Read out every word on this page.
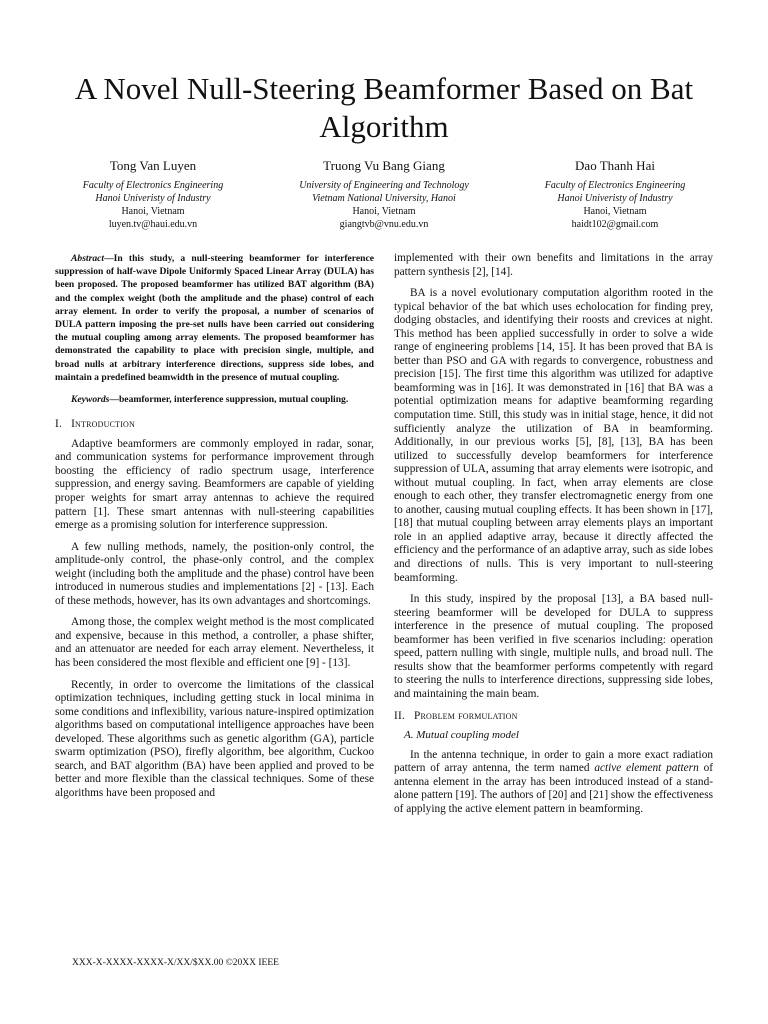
A Novel Null-Steering Beamformer Based on Bat Algorithm
Tong Van Luyen
Faculty of Electronics Engineering
Hanoi Univeristy of Industry
Hanoi, Vietnam
luyen.tv@haui.edu.vn
Truong Vu Bang Giang
University of Engineering and Technology
Vietnam National University, Hanoi
Hanoi, Vietnam
giangtvb@vnu.edu.vn
Dao Thanh Hai
Faculty of Electronics Engineering
Hanoi Univeristy of Industry
Hanoi, Vietnam
haidt102@gmail.com

Abstract—In this study, a null-steering beamformer for interference suppression of half-wave Dipole Uniformly Spaced Linear Array (DULA) has been proposed. The proposed beamformer has utilized BAT algorithm (BA) and the complex weight (both the amplitude and the phase) control of each array element. In order to verify the proposal, a number of scenarios of DULA pattern imposing the pre-set nulls have been carried out considering the mutual coupling among array elements. The proposed beamformer has demonstrated the capability to place with precision single, multiple, and broad nulls at arbitrary interference directions, suppress side lobes, and maintain a predefined beamwidth in the presence of mutual coupling.

Keywords—beamformer, interference suppression, mutual coupling.

I. Introduction

Adaptive beamformers are commonly employed in radar, sonar, and communication systems for performance improvement through boosting the efficiency of radio spectrum usage, interference suppression, and energy saving. Beamformers are capable of yielding proper weights for smart array antennas to achieve the required pattern [1]. These smart antennas with null-steering capabilities emerge as a promising solution for interference suppression.

A few nulling methods, namely, the position-only control, the amplitude-only control, the phase-only control, and the complex weight (including both the amplitude and the phase) control have been introduced in numerous studies and implementations [2] - [13]. Each of these methods, however, has its own advantages and shortcomings.

Among those, the complex weight method is the most complicated and expensive, because in this method, a controller, a phase shifter, and an attenuator are needed for each array element. Nevertheless, it has been considered the most flexible and efficient one [9] - [13].

Recently, in order to overcome the limitations of the classical optimization techniques, including getting stuck in local minima in some conditions and inflexibility, various nature-inspired optimization algorithms based on computational intelligence approaches have been developed. These algorithms such as genetic algorithm (GA), particle swarm optimization (PSO), firefly algorithm, bee algorithm, Cuckoo search, and BAT algorithm (BA) have been applied and proved to be better and more flexible than the classical techniques. Some of these algorithms have been proposed and

implemented with their own benefits and limitations in the array pattern synthesis [2], [14].

BA is a novel evolutionary computation algorithm rooted in the typical behavior of the bat which uses echolocation for finding prey, dodging obstacles, and identifying their roosts and crevices at night. This method has been applied successfully in order to solve a wide range of engineering problems [14, 15]. It has been proved that BA is better than PSO and GA with regards to convergence, robustness and precision [15]. The first time this algorithm was utilized for adaptive beamforming was in [16]. It was demonstrated in [16] that BA was a potential optimization means for adaptive beamforming regarding computation time. Still, this study was in initial stage, hence, it did not sufficiently analyze the utilization of BA in beamforming. Additionally, in our previous works [5], [8], [13], BA has been utilized to successfully develop beamformers for interference suppression of ULA, assuming that array elements were isotropic, and without mutual coupling. In fact, when array elements are close enough to each other, they transfer electromagnetic energy from one to another, causing mutual coupling effects. It has been shown in [17], [18] that mutual coupling between array elements plays an important role in an applied adaptive array, because it directly affected the efficiency and the performance of an adaptive array, such as side lobes and directions of nulls. This is very important to null-steering beamforming.

In this study, inspired by the proposal [13], a BA based null-steering beamformer will be developed for DULA to suppress interference in the presence of mutual coupling. The proposed beamformer has been verified in five scenarios including: operation speed, pattern nulling with single, multiple nulls, and broad null. The results show that the beamformer performs competently with regard to steering the nulls to interference directions, suppressing side lobes, and maintaining the main beam.

II. Problem formulation
A. Mutual coupling model

In the antenna technique, in order to gain a more exact radiation pattern of array antenna, the term named active element pattern of antenna element in the array has been introduced instead of a stand-alone pattern [19]. The authors of [20] and [21] show the effectiveness of applying the active element pattern in beamforming.

XXX-X-XXXX-XXXX-X/XX/$XX.00 ©20XX IEEE
